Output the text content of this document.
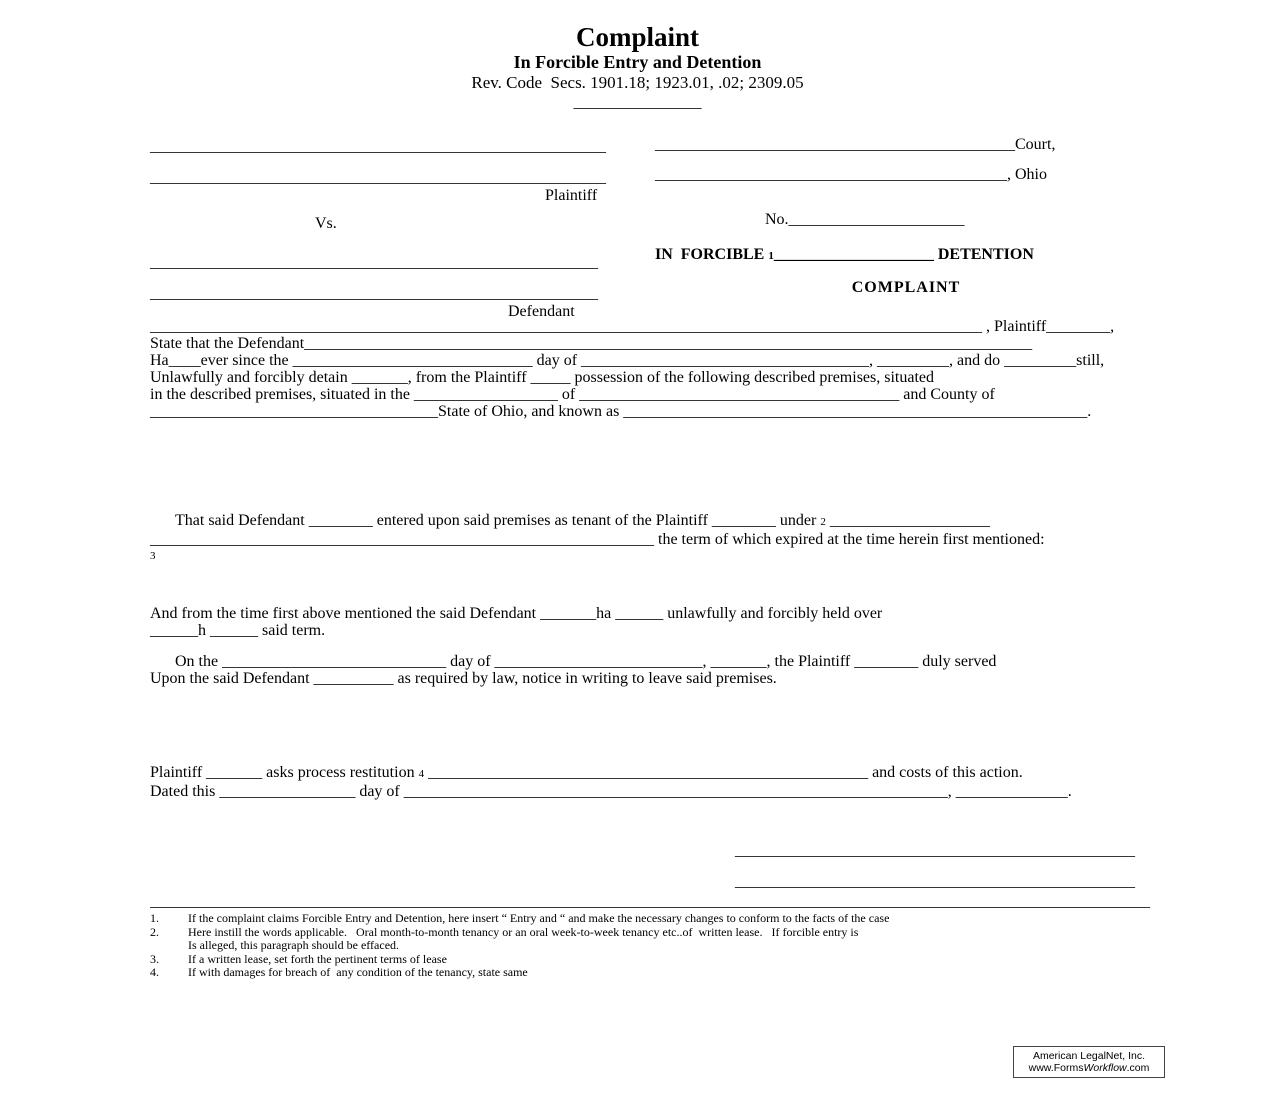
Complaint
In Forcible Entry and Detention
Rev. Code  Secs. 1901.18; 1923.01, .02; 2309.05
________________
_________________________________________________________
_________________________________________________________
Plaintiff
Vs.
________________________________________________________
________________________________________________________
Defendant
_____________________________________________Court,
____________________________________________, Ohio
No.______________________
IN  FORCIBLE 1____________________ DETENTION
COMPLAINT
________________________________________________________________________________________________________ , Plaintiff________,
State that the Defendant___________________________________________________________________________________________
Ha____ever since the ______________________________ day of ____________________________________, _________, and do _________still,
Unlawfully and forcibly detain _______, from the Plaintiff _____ possession of the following described premises, situated
in the described premises, situated in the __________________ of ________________________________________ and County of
____________________________________State of Ohio, and known as __________________________________________________________.
That said Defendant ________ entered upon said premises as tenant of the Plaintiff ________ under 2 ____________________
_______________________________________________________________ the term of which expired at the time herein first mentioned:
3
And from the time first above mentioned the said Defendant _______ha ______ unlawfully and forcibly held over
______h ______ said term.
On the ____________________________ day of __________________________, _______, the Plaintiff ________ duly served
Upon the said Defendant __________ as required by law, notice in writing to leave said premises.
Plaintiff _______ asks process restitution 4 _______________________________________________________ and costs of this action.
Dated this _________________ day of ____________________________________________________________________, ______________.
__________________________________________________
__________________________________________________
_____________________________________________________________________________________________________________________________
1.	If the complaint claims Forcible Entry and Detention, here insert “ Entry and “ and make the necessary changes to conform to the facts of the case
2.	Here instill the words applicable.   Oral month-to-month tenancy or an oral week-to-week tenancy etc..of  written lease.   If forcible entry is
Is alleged, this paragraph should be effaced.
3.	If a written lease, set forth the pertinent terms of lease
4.	If with damages for breach of  any condition of the tenancy, state same
American LegalNet, Inc.
www.FormsWorkflow.com
